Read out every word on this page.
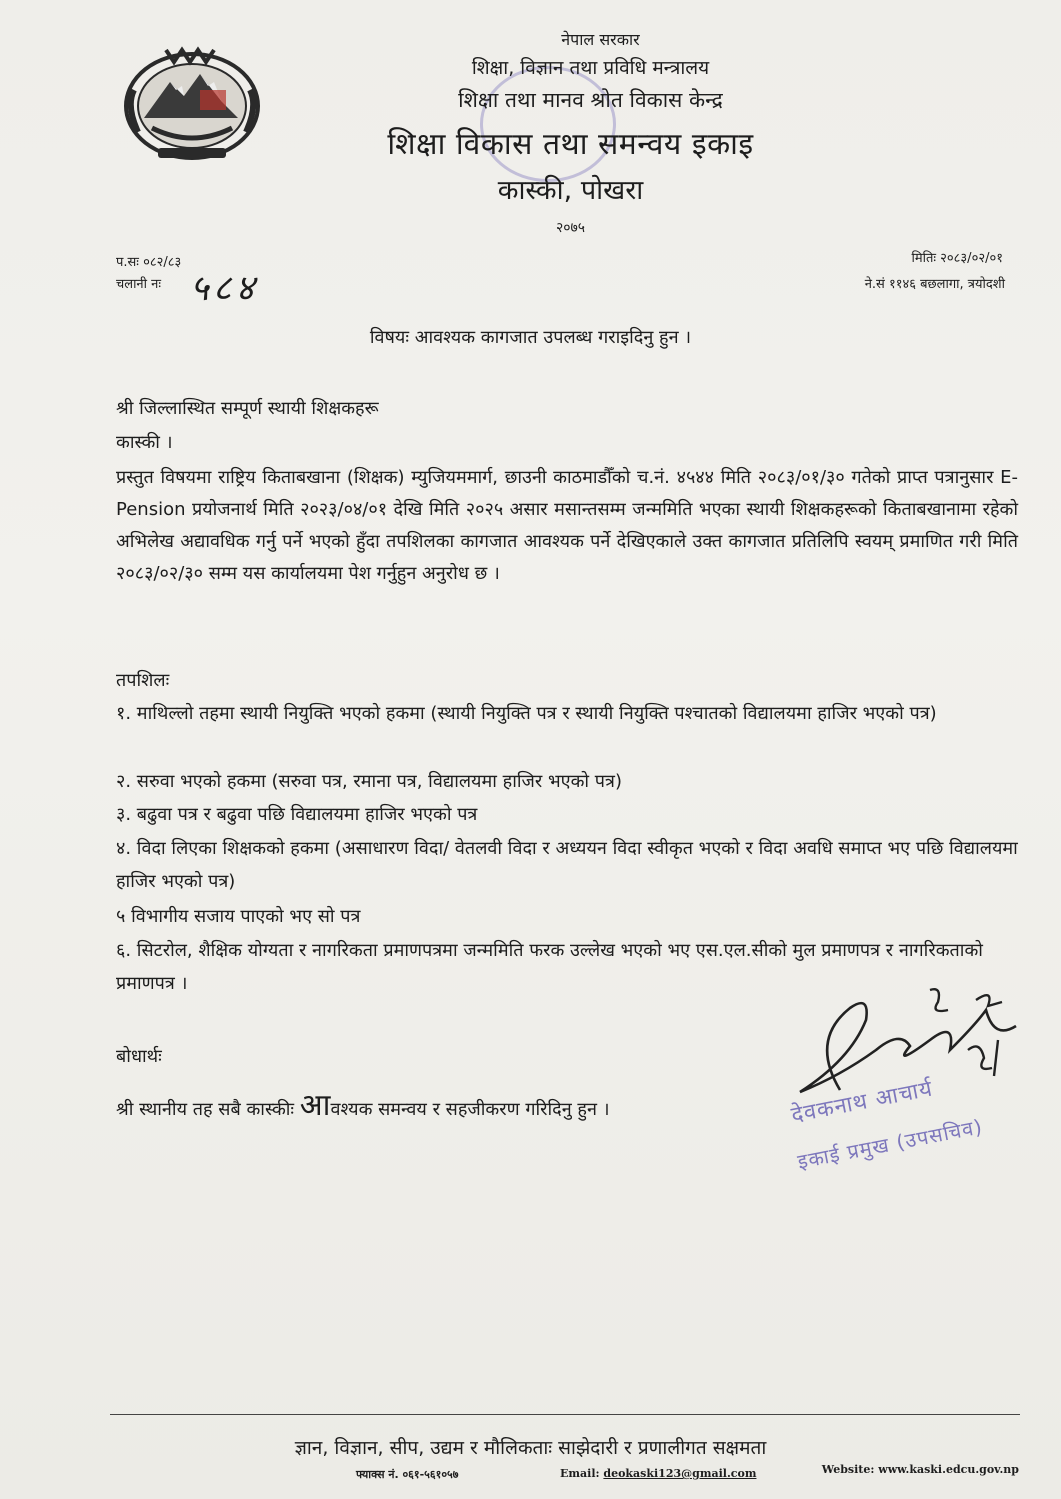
नेपाल सरकार
शिक्षा, विज्ञान तथा प्रविधि मन्त्रालय
शिक्षा तथा मानव श्रोत विकास केन्द्र
शिक्षा विकास तथा समन्वय इकाइ
कास्की, पोखरा
२०७५
प.सः ०८२/८३
चलानी नः ५८४
मितिः २०८३/०२/०१
ने.सं ११४६ बछलागा, त्रयोदशी
विषयः आवश्यक कागजात उपलब्ध गराइदिनु हुन ।
श्री जिल्लास्थित सम्पूर्ण स्थायी शिक्षकहरू
कास्की ।
प्रस्तुत विषयमा राष्ट्रिय किताबखाना (शिक्षक) म्युजियममार्ग, छाउनी काठमाडौँको च.नं. ४५४४ मिति २०८३/०१/३० गतेको प्राप्त पत्रानुसार E-Pension प्रयोजनार्थ मिति २०२३/०४/०१ देखि मिति २०२५ असार मसान्तसम्म जन्ममिति भएका स्थायी शिक्षकहरूको किताबखानामा रहेको अभिलेख अद्यावधिक गर्नु पर्ने भएको हुँदा तपशिलका कागजात आवश्यक पर्ने देखिएकाले उक्त कागजात प्रतिलिपि स्वयम् प्रमाणित गरी मिति २०८३/०२/३० सम्म यस कार्यालयमा पेश गर्नुहुन अनुरोध छ ।
तपशिलः
१. माथिल्लो तहमा स्थायी नियुक्ति भएको हकमा (स्थायी नियुक्ति पत्र र स्थायी नियुक्ति पश्चातको विद्यालयमा हाजिर भएको पत्र)
२. सरुवा भएको हकमा (सरुवा पत्र, रमाना पत्र, विद्यालयमा हाजिर भएको पत्र)
३. बढुवा पत्र र बढुवा पछि विद्यालयमा हाजिर भएको पत्र
४. विदा लिएका शिक्षकको हकमा (असाधारण विदा/ वेतलवी विदा र अध्ययन विदा स्वीकृत भएको र विदा अवधि समाप्त भए पछि विद्यालयमा हाजिर भएको पत्र)
५ विभागीय सजाय पाएको भए सो पत्र
६. सिटरोल, शैक्षिक योग्यता र नागरिकता प्रमाणपत्रमा जन्ममिति फरक उल्लेख भएको भए एस.एल.सीको मुल प्रमाणपत्र र नागरिकताको प्रमाणपत्र ।
बोधार्थः
श्री स्थानीय तह सबै कास्कीः आवश्यक समन्वय र सहजीकरण गरिदिनु हुन ।	देवकनाथ आचार्य
इकाई प्रमुख (उपसचिव)
ज्ञान, विज्ञान, सीप, उद्यम र मौलिकताः साझेदारी र प्रणालीगत सक्षमता
फ्याक्स नं. ०६१-५६१०५७	Email: deokaski123@gmail.com	Website: www.kaski.edcu.gov.np
